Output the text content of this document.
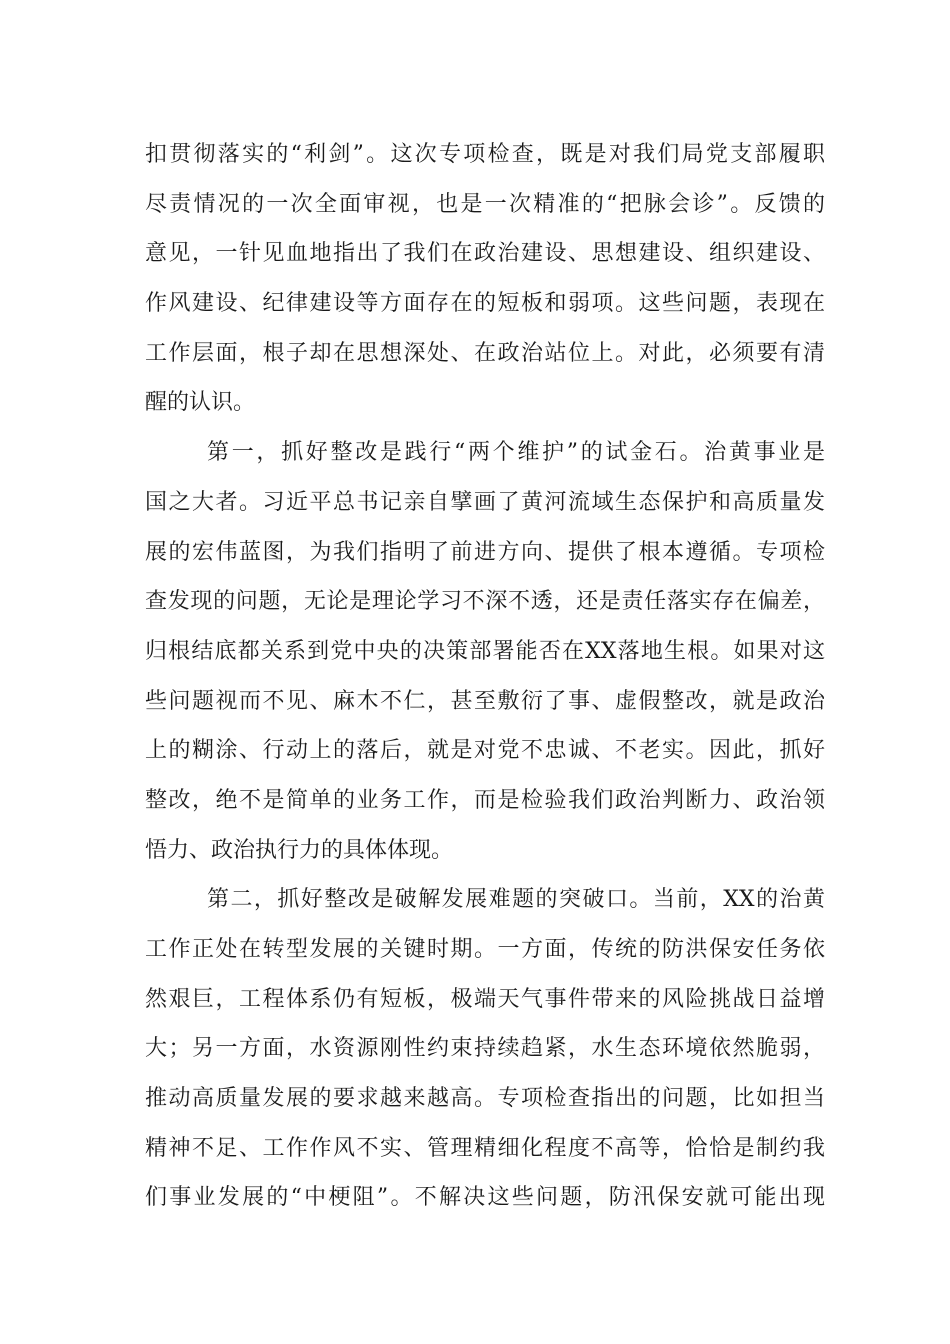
扣贯彻落实的“利剑”。这次专项检查，既是对我们局党支部履职
尽责情况的一次全面审视，也是一次精准的“把脉会诊”。反馈的
意见，一针见血地指出了我们在政治建设、思想建设、组织建设、
作风建设、纪律建设等方面存在的短板和弱项。这些问题，表现在
工作层面，根子却在思想深处、在政治站位上。对此，必须要有清
醒的认识。
第一，抓好整改是践行“两个维护”的试金石。治黄事业是
国之大者。习近平总书记亲自擘画了黄河流域生态保护和高质量发
展的宏伟蓝图，为我们指明了前进方向、提供了根本遵循。专项检
查发现的问题，无论是理论学习不深不透，还是责任落实存在偏差，
归根结底都关系到党中央的决策部署能否在XX落地生根。如果对这
些问题视而不见、麻木不仁，甚至敷衍了事、虚假整改，就是政治
上的糊涂、行动上的落后，就是对党不忠诚、不老实。因此，抓好
整改，绝不是简单的业务工作，而是检验我们政治判断力、政治领
悟力、政治执行力的具体体现。
第二，抓好整改是破解发展难题的突破口。当前，XX的治黄
工作正处在转型发展的关键时期。一方面，传统的防洪保安任务依
然艰巨，工程体系仍有短板，极端天气事件带来的风险挑战日益增
大；另一方面，水资源刚性约束持续趋紧，水生态环境依然脆弱，
推动高质量发展的要求越来越高。专项检查指出的问题，比如担当
精神不足、工作作风不实、管理精细化程度不高等，恰恰是制约我
们事业发展的“中梗阻”。不解决这些问题，防汛保安就可能出现
